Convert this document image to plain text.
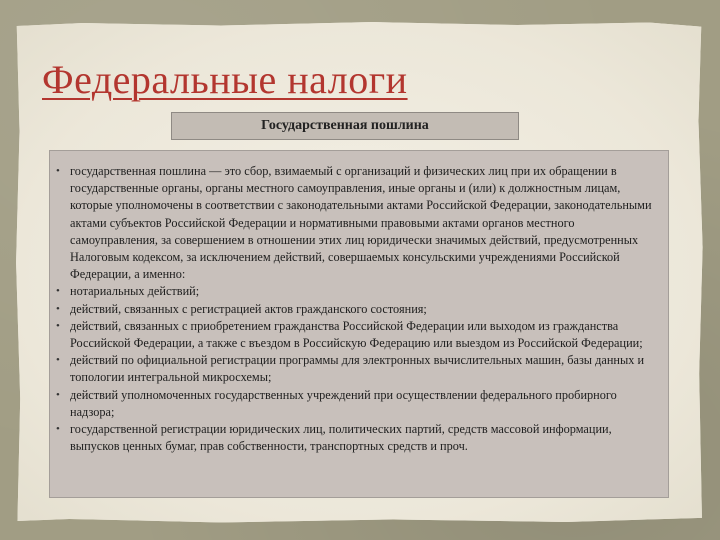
Федеральные налоги
Государственная пошлина
• государственная пошлина — это сбор, взимаемый с организаций и физических лиц при их обращении в государственные органы, органы местного самоуправления, иные органы и (или) к должностным лицам, которые уполномочены в соответствии с законодательными актами Российской Федерации, законодательными актами субъектов Российской Федерации и нормативными правовыми актами органов местного самоуправления, за совершением в отношении этих лиц юридически значимых действий, предусмотренных Налоговым кодексом, за исключением действий, совершаемых консульскими учреждениями Российской Федерации, а именно:
• нотариальных действий;
• действий, связанных с регистрацией актов гражданского состояния;
• действий, связанных с приобретением гражданства Российской Федерации или выходом из гражданства Российской Федерации, а также с въездом в Российскую Федерацию или выездом из Российской Федерации;
• действий по официальной регистрации программы для электронных вычислительных машин, базы данных и топологии интегральной микросхемы;
• действий уполномоченных государственных учреждений при осуществлении федерального пробирного надзора;
• государственной регистрации юридических лиц, политических партий, средств массовой информации, выпусков ценных бумаг, прав собственности, транспортных средств и проч.
